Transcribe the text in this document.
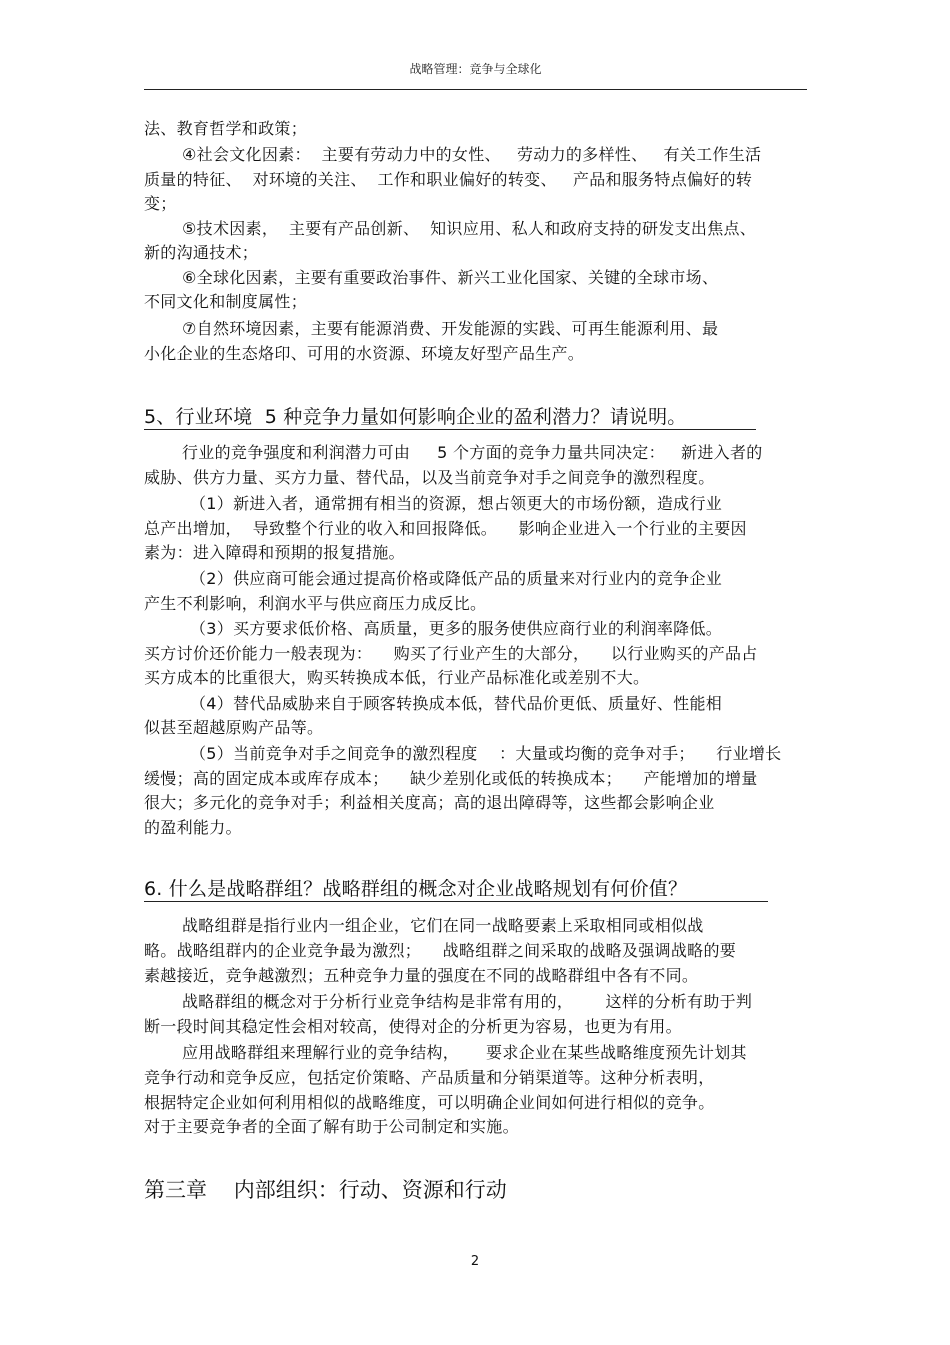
战略管理：竞争与全球化
法、教育哲学和政策；
④社会文化因素：  主要有劳动力中的女性、   劳动力的多样性、   有关工作生活
质量的特征、  对环境的关注、  工作和职业偏好的转变、   产品和服务特点偏好的转
变；
⑤技术因素，  主要有产品创新、  知识应用、私人和政府支持的研发支出焦点、
新的沟通技术；
⑥全球化因素，主要有重要政治事件、新兴工业化国家、关键的全球市场、
不同文化和制度属性；
⑦自然环境因素，主要有能源消费、开发能源的实践、可再生能源利用、最
小化企业的生态烙印、可用的水资源、环境友好型产品生产。
5、行业环境  5 种竞争力量如何影响企业的盈利潜力？请说明。
行业的竞争强度和利润潜力可由     5 个方面的竞争力量共同决定：   新进入者的
威胁、供方力量、买方力量、替代品，以及当前竞争对手之间竞争的激烈程度。
（1）新进入者，通常拥有相当的资源，想占领更大的市场份额，造成行业
总产出增加，  导致整个行业的收入和回报降低。    影响企业进入一个行业的主要因
素为：进入障碍和预期的报复措施。
（2）供应商可能会通过提高价格或降低产品的质量来对行业内的竞争企业
产生不利影响，利润水平与供应商压力成反比。
（3）买方要求低价格、高质量，更多的服务使供应商行业的利润率降低。
买方讨价还价能力一般表现为：    购买了行业产生的大部分，    以行业购买的产品占
买方成本的比重很大，购买转换成本低，行业产品标准化或差别不大。
（4）替代品威胁来自于顾客转换成本低，替代品价更低、质量好、性能相
似甚至超越原购产品等。
（5）当前竞争对手之间竞争的激烈程度    ：大量或均衡的竞争对手；    行业增长
缓慢；高的固定成本或库存成本；    缺少差别化或低的转换成本；    产能增加的增量
很大；多元化的竞争对手；利益相关度高；高的退出障碍等，这些都会影响企业
的盈利能力。
6. 什么是战略群组？战略群组的概念对企业战略规划有何价值？
战略组群是指行业内一组企业，它们在同一战略要素上采取相同或相似战
略。战略组群内的企业竞争最为激烈；    战略组群之间采取的战略及强调战略的要
素越接近，竞争越激烈；五种竞争力量的强度在不同的战略群组中各有不同。
战略群组的概念对于分析行业竞争结构是非常有用的，      这样的分析有助于判
断一段时间其稳定性会相对较高，使得对企的分析更为容易，也更为有用。
应用战略群组来理解行业的竞争结构，     要求企业在某些战略维度预先计划其
竞争行动和竞争反应，包括定价策略、产品质量和分销渠道等。这种分析表明，
根据特定企业如何利用相似的战略维度，可以明确企业间如何进行相似的竞争。
对于主要竞争者的全面了解有助于公司制定和实施。
第三章    内部组织：行动、资源和行动
2
